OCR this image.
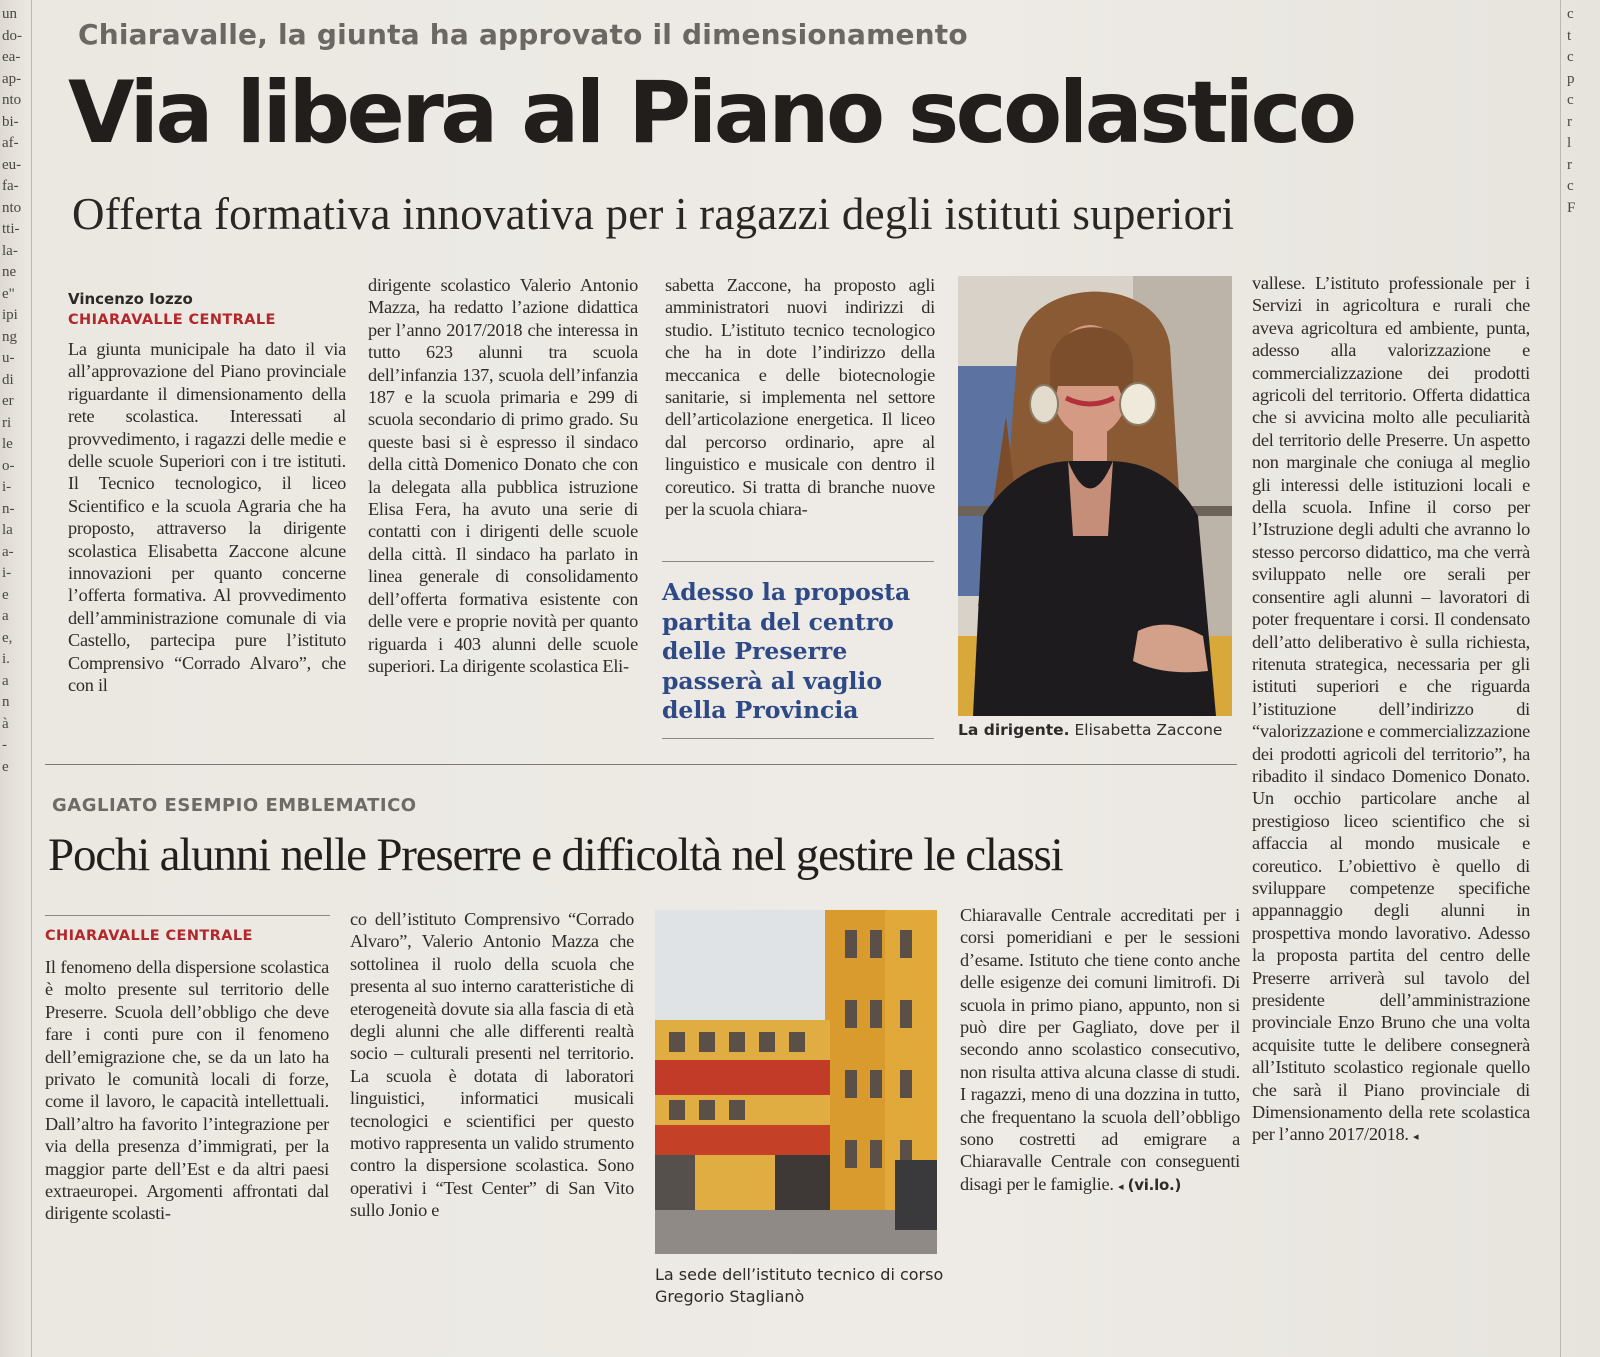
un
do-
ea-
ap-
nto
bi-
af-
eu-
fa-
nto
tti-
la-
ne
e"
ipi
ng
u-
di
er
ri
le
o-
i-
n-
la
a-
i-
e
a
e,
i.
a
n
à
-
e
c
t
c
p
c
r
l
r
c
F
Chiaravalle, la giunta ha approvato il dimensionamento
Via libera al Piano scolastico
Offerta formativa innovativa per i ragazzi degli istituti superiori
Vincenzo Iozzo
CHIARAVALLE CENTRALE

La giunta municipale ha dato il via all’approvazione del Piano provinciale riguardante il dimensionamento della rete scolastica. Interessati al provvedimento, i ragazzi delle medie e delle scuole Superiori con i tre istituti. Il Tecnico tecnologico, il liceo Scientifico e la scuola Agraria che ha proposto, attraverso la dirigente scolastica Elisabetta Zaccone alcune innovazioni per quanto concerne l’offerta formativa. Al provvedimento dell’amministrazione comunale di via Castello, partecipa pure l’istituto Comprensivo “Corrado Alvaro”, che con il

dirigente scolastico Valerio Antonio Mazza, ha redatto l’azione didattica per l’anno 2017/2018 che interessa in tutto 623 alunni tra scuola dell’infanzia 137, scuola dell’infanzia 187 e la scuola primaria e 299 di scuola secondario di primo grado. Su queste basi si è espresso il sindaco della città Domenico Donato che con la delegata alla pubblica istruzione Elisa Fera, ha avuto una serie di contatti con i dirigenti delle scuole della città. Il sindaco ha parlato in linea generale di consolidamento dell’offerta formativa esistente con delle vere e proprie novità per quanto riguarda i 403 alunni delle scuole superiori. La dirigente scolastica Eli-

sabetta Zaccone, ha proposto agli amministratori nuovi indirizzi di studio. L’istituto tecnico tecnologico che ha in dote l’indirizzo della meccanica e delle biotecnologie sanitarie, si implementa nel settore dell’articolazione energetica. Il liceo dal percorso ordinario, apre al linguistico e musicale con dentro il coreutico. Si tratta di branche nuove per la scuola chiara-

Adesso la proposta partita del centro delle Preserre passerà al vaglio della Provincia

La dirigente. Elisabetta Zaccone

vallese. L’istituto professionale per i Servizi in agricoltura e rurali che aveva agricoltura ed ambiente, punta, adesso alla valorizzazione e commercializzazione dei prodotti agricoli del territorio. Offerta didattica che si avvicina molto alle peculiarità del territorio delle Preserre. Un aspetto non marginale che coniuga al meglio gli interessi delle istituzioni locali e della scuola. Infine il corso per l’Istruzione degli adulti che avranno lo stesso percorso didattico, ma che verrà sviluppato nelle ore serali per consentire agli alunni – lavoratori di poter frequentare i corsi. Il condensato dell’atto deliberativo è sulla richiesta, ritenuta strategica, necessaria per gli istituti superiori e che riguarda l’istituzione dell’indirizzo di “valorizzazione e commercializzazione dei prodotti agricoli del territorio”, ha ribadito il sindaco Domenico Donato. Un occhio particolare anche al prestigioso liceo scientifico che si affaccia al mondo musicale e coreutico. L’obiettivo è quello di sviluppare competenze specifiche appannaggio degli alunni in prospettiva mondo lavorativo. Adesso la proposta partita del centro delle Preserre arriverà sul tavolo del presidente dell’amministrazione provinciale Enzo Bruno che una volta acquisite tutte le delibere consegnerà all’Istituto scolastico regionale quello che sarà il Piano provinciale di Dimensionamento della rete scolastica per l’anno 2017/2018. ◂

GAGLIATO ESEMPIO EMBLEMATICO
Pochi alunni nelle Preserre e difficoltà nel gestire le classi
CHIARAVALLE CENTRALE

Il fenomeno della dispersione scolastica è molto presente sul territorio delle Preserre. Scuola dell’obbligo che deve fare i conti pure con il fenomeno dell’emigrazione che, se da un lato ha privato le comunità locali di forze, come il lavoro, le capacità intellettuali. Dall’altro ha favorito l’integrazione per via della presenza d’immigrati, per la maggior parte dell’Est e da altri paesi extraeuropei. Argomenti affrontati dal dirigente scolasti-

co dell’istituto Comprensivo “Corrado Alvaro”, Valerio Antonio Mazza che sottolinea il ruolo della scuola che presenta al suo interno caratteristiche di eterogeneità dovute sia alla fascia di età degli alunni che alle differenti realtà socio – culturali presenti nel territorio. La scuola è dotata di laboratori linguistici, informatici musicali tecnologici e scientifici per questo motivo rappresenta un valido strumento contro la dispersione scolastica. Sono operativi i “Test Center” di San Vito sullo Jonio e

La sede dell’istituto tecnico di corso Gregorio Staglianò

Chiaravalle Centrale accreditati per i corsi pomeridiani e per le sessioni d’esame. Istituto che tiene conto anche delle esigenze dei comuni limitrofi. Di scuola in primo piano, appunto, non si può dire per Gagliato, dove per il secondo anno scolastico consecutivo, non risulta attiva alcuna classe di studi. I ragazzi, meno di una dozzina in tutto, che frequentano la scuola dell’obbligo sono costretti ad emigrare a Chiaravalle Centrale con conseguenti disagi per le famiglie. ◂ (vi.lo.)
